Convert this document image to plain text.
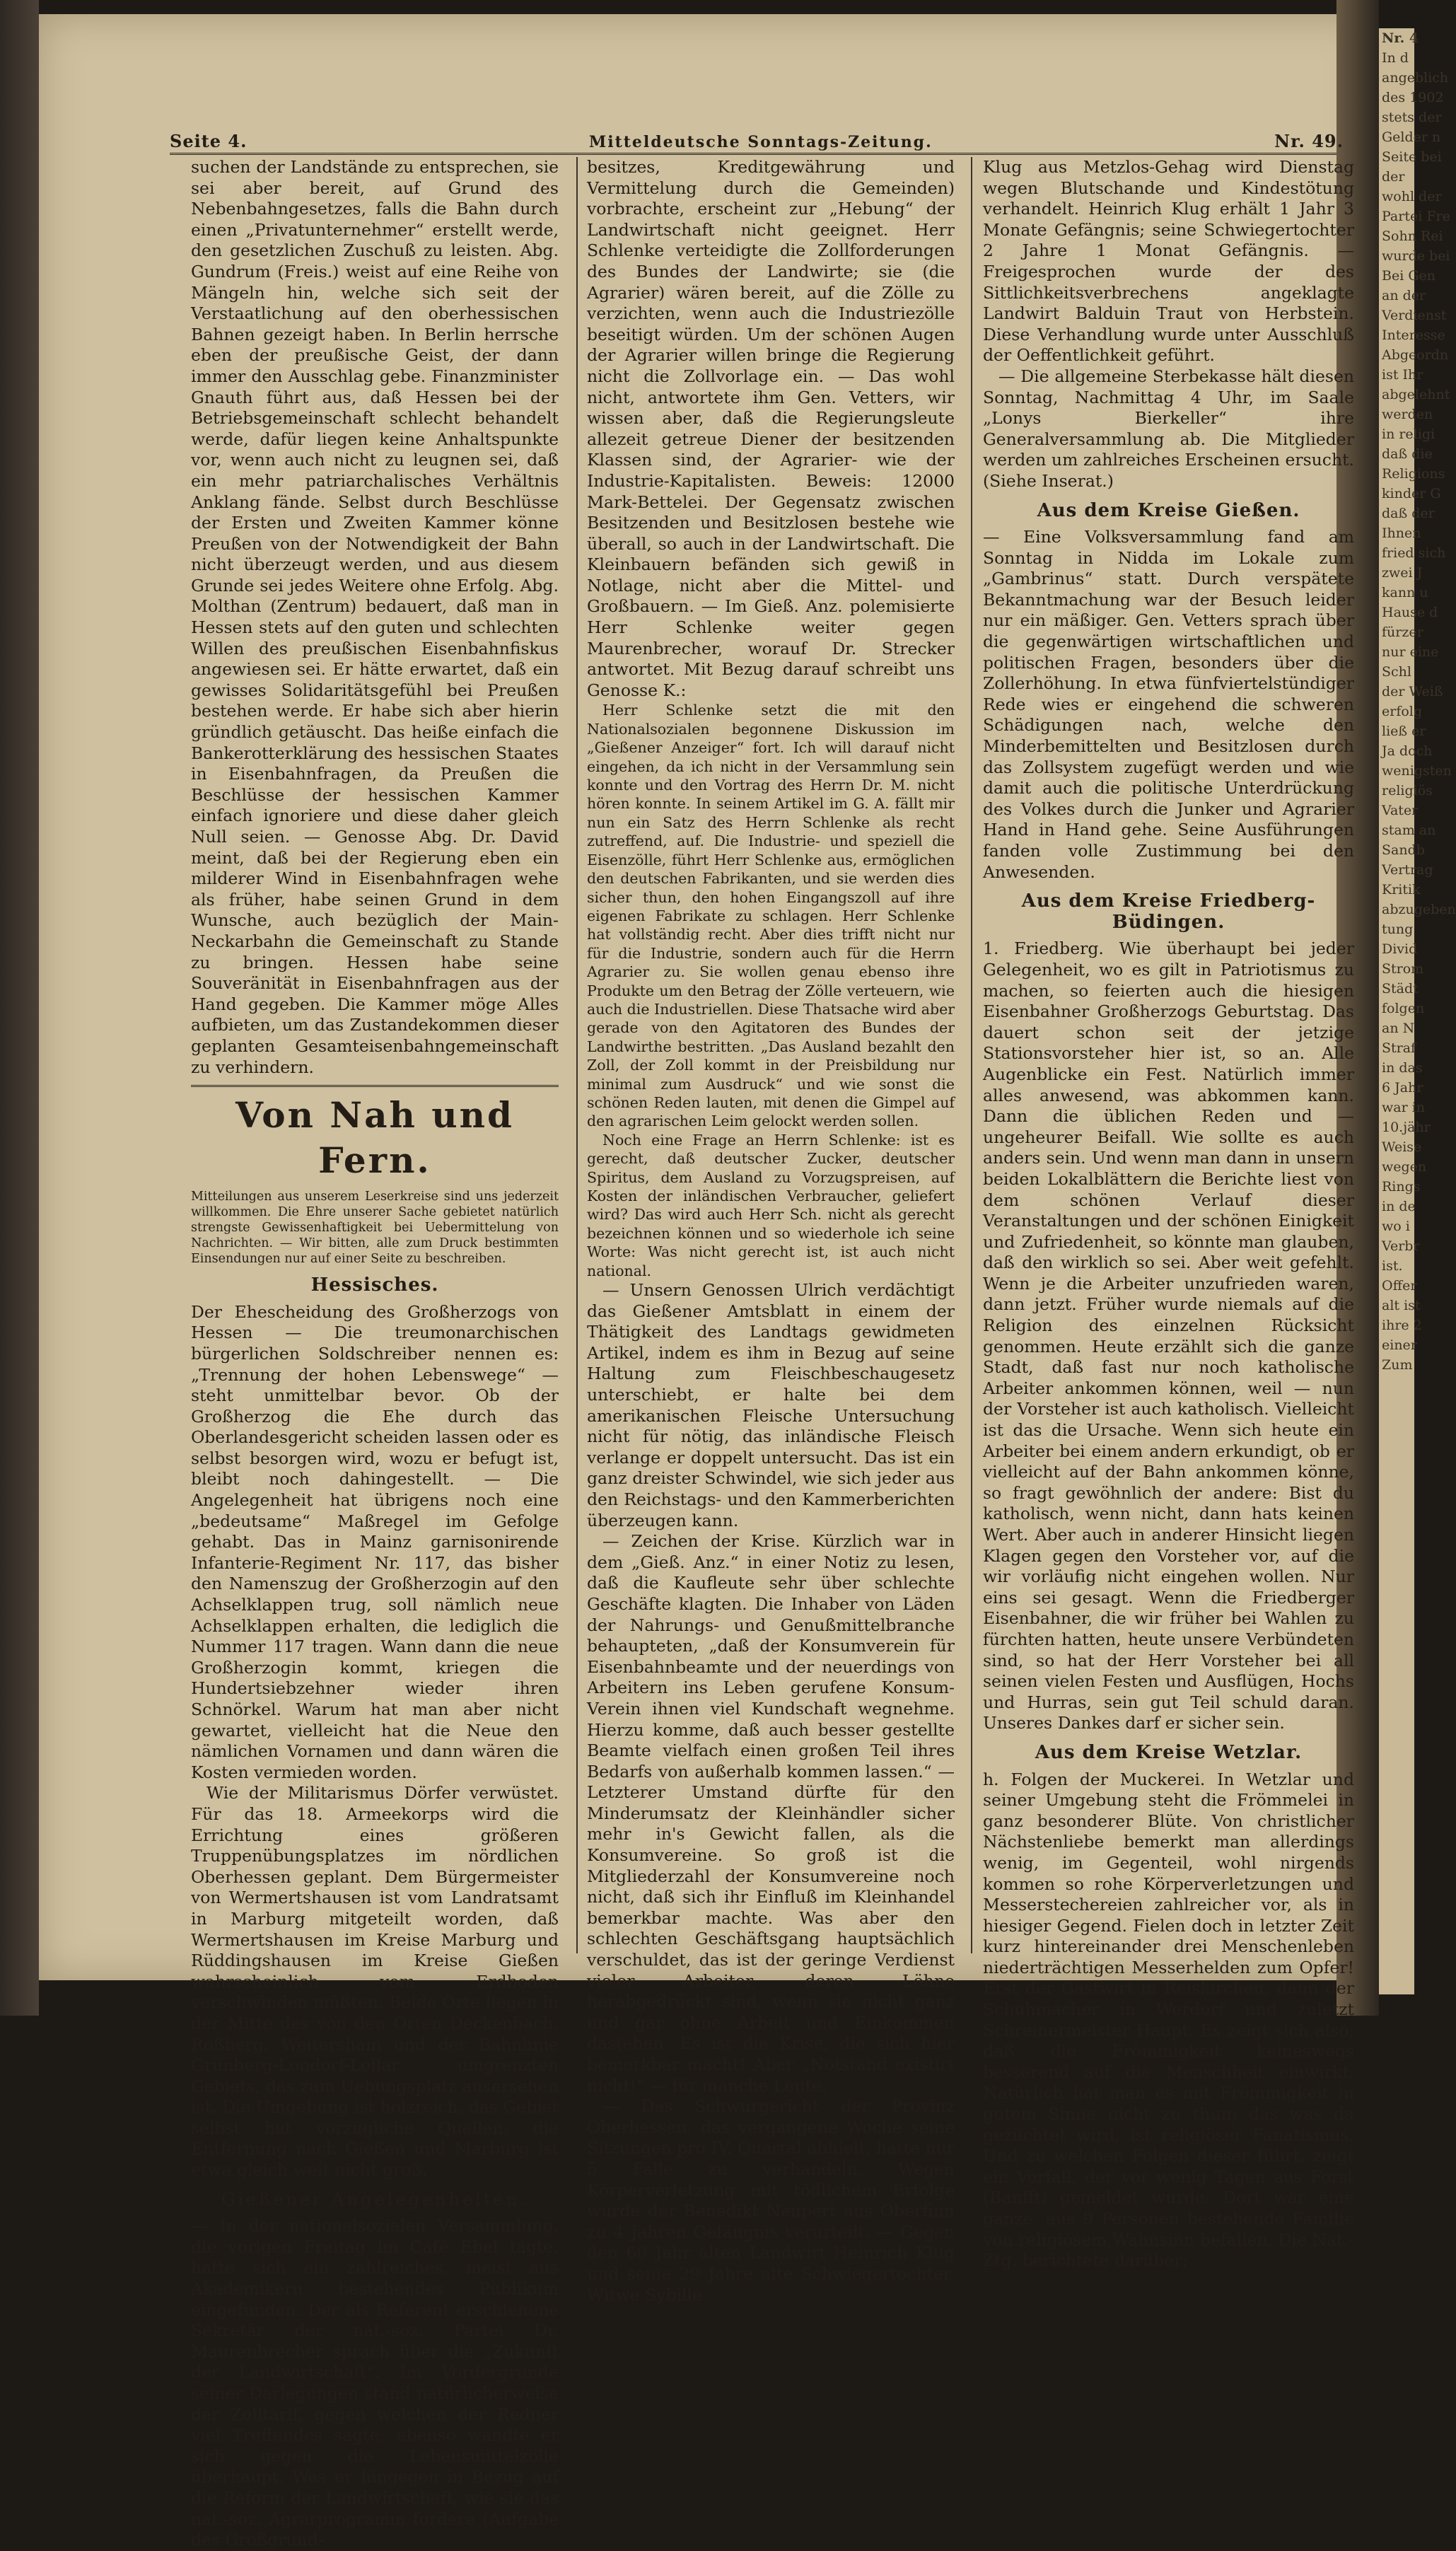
Nr. 4
In d
angeblich
des 1902
stets der
Gelder n
Seite bei
der
wohl der
Partei Fre
Sohn Rei
wurde bei
Bei Gen
an der
Verdienst
Interesse
Abgeordn
ist Ihr
abgelehnt
werden
in religi
daß die
Religions
kinder G
daß der
Ihnen
fried sich
zwei J
kann u
Hause d
fürzer
nur eine
Schl
der Weiß
erfolg
ließ er
Ja doch
wenigsten
religiös
Vater
stam an
Sandb
Vertrag
Kritik
abzugeben
tung
Divid
Strom
Städt
folgen
an N
Straf
in das
6 Jahr
war in
10.jähr
Weise
wegen
Rings
in de
wo i
Verbr
ist.
Offer
alt ist
ihre 2
einer
Zum
Seite 4.	Mitteldeutsche Sonntags-Zeitung.	Nr. 49.

suchen der Landstände zu entsprechen, sie sei aber bereit, auf Grund des Nebenbahngesetzes, falls die Bahn durch einen „Privatunternehmer“ erstellt werde, den gesetzlichen Zuschuß zu leisten. Abg. Gundrum (Freis.) weist auf eine Reihe von Mängeln hin, welche sich seit der Verstaatlichung auf den oberhessischen Bahnen gezeigt haben. In Berlin herrsche eben der preußische Geist, der dann immer den Ausschlag gebe. Finanzminister Gnauth führt aus, daß Hessen bei der Betriebsgemeinschaft schlecht behandelt werde, dafür liegen keine Anhaltspunkte vor, wenn auch nicht zu leugnen sei, daß ein mehr patriarchalisches Verhältnis Anklang fände. Selbst durch Beschlüsse der Ersten und Zweiten Kammer könne Preußen von der Notwendigkeit der Bahn nicht überzeugt werden, und aus diesem Grunde sei jedes Weitere ohne Erfolg. Abg. Molthan (Zentrum) bedauert, daß man in Hessen stets auf den guten und schlechten Willen des preußischen Eisenbahnfiskus angewiesen sei. Er hätte erwartet, daß ein gewisses Solidaritätsgefühl bei Preußen bestehen werde. Er habe sich aber hierin gründlich getäuscht. Das heiße einfach die Bankerotterklärung des hessischen Staates in Eisenbahnfragen, da Preußen die Beschlüsse der hessischen Kammer einfach ignoriere und diese daher gleich Null seien. — Genosse Abg. Dr. David meint, daß bei der Regierung eben ein milderer Wind in Eisenbahnfragen wehe als früher, habe seinen Grund in dem Wunsche, auch bezüglich der Main-Neckarbahn die Gemeinschaft zu Stande zu bringen. Hessen habe seine Souveränität in Eisenbahnfragen aus der Hand gegeben. Die Kammer möge Alles aufbieten, um das Zustandekommen dieser geplanten Gesamteisenbahngemeinschaft zu verhindern.

Von Nah und Fern.
Mitteilungen aus unserem Leserkreise sind uns jederzeit willkommen. Die Ehre unserer Sache gebietet natürlich strengste Gewissenhaftigkeit bei Uebermittelung von Nachrichten. — Wir bitten, alle zum Druck bestimmten Einsendungen nur auf einer Seite zu beschreiben.
Hessisches.

Der Ehescheidung des Großherzogs von Hessen — Die treumonarchischen bürgerlichen Soldschreiber nennen es: „Trennung der hohen Lebenswege“ — steht unmittelbar bevor. Ob der Großherzog die Ehe durch das Oberlandesgericht scheiden lassen oder es selbst besorgen wird, wozu er befugt ist, bleibt noch dahingestellt. — Die Angelegenheit hat übrigens noch eine „bedeutsame“ Maßregel im Gefolge gehabt. Das in Mainz garnisonirende Infanterie-Regiment Nr. 117, das bisher den Namenszug der Großherzogin auf den Achselklappen trug, soll nämlich neue Achselklappen erhalten, die lediglich die Nummer 117 tragen. Wann dann die neue Großherzogin kommt, kriegen die Hundertsiebzehner wieder ihren Schnörkel. Warum hat man aber nicht gewartet, vielleicht hat die Neue den nämlichen Vornamen und dann wären die Kosten vermieden worden.

Wie der Militarismus Dörfer verwüstet. Für das 18. Armeekorps wird die Errichtung eines größeren Truppenübungsplatzes im nördlichen Oberhessen geplant. Dem Bürgermeister von Wermertshausen ist vom Landratsamt in Marburg mitgeteilt worden, daß Wermertshausen im Kreise Marburg und Rüddingshausen im Kreise Gießen wahrscheinlich vom Erdboden verschwinden müßten. Beide Orte liegen in der Mitte des von den Orten Deckenbach, Roßberg, Weitershain und der Bahnlinie Grünberg-Londorf-Lollar umgrenzten Gebiets, das zum Uebungsplatz ausersehen ist. Die Umgebung ist holzreich, das Gebiet selbst hat vorzügliche Quellen; die Entfernung nach Gießen und Marburg ist etwa gleich weit nicht groß.

Gießener Angelegenheiten.

— In der nationalsozialen Versammlung, die vorigen Freitag im Café Ebel tagte, hatte sich ein zahlreiches, meist aus Akademikern bestehendes Publikum eingefunden. Der als Referent erschienene Sekretär der nat.-soz. Partei Dr. Maurenbrecher sprach über die „Zukunft der Landwirtschaft“. Im Vordergrunde seiner Darlegungen stand natürlicherweise der Zolltarif, gegen welchen der Redner viel Treffendes sagte; ebenso wandte er sich gegen die Lebensmittelzölle überhaupt. Was er hingegen in Bezug auf die Reform der Landwirtschaft, wie sie das nat.-soz. Agrarprogramm fordere (Aufgabe des Großgrund-

besitzes, Kreditgewährung und Vermittelung durch die Gemeinden) vorbrachte, erscheint zur „Hebung“ der Landwirtschaft nicht geeignet. Herr Schlenke verteidigte die Zollforderungen des Bundes der Landwirte; sie (die Agrarier) wären bereit, auf die Zölle zu verzichten, wenn auch die Industriezölle beseitigt würden. Um der schönen Augen der Agrarier willen bringe die Regierung nicht die Zollvorlage ein. — Das wohl nicht, antwortete ihm Gen. Vetters, wir wissen aber, daß die Regierungsleute allezeit getreue Diener der besitzenden Klassen sind, der Agrarier- wie der Industrie-Kapitalisten. Beweis: 12000 Mark-Bettelei. Der Gegensatz zwischen Besitzenden und Besitzlosen bestehe wie überall, so auch in der Landwirtschaft. Die Kleinbauern befänden sich gewiß in Notlage, nicht aber die Mittel- und Großbauern. — Im Gieß. Anz. polemisierte Herr Schlenke weiter gegen Maurenbrecher, worauf Dr. Strecker antwortet. Mit Bezug darauf schreibt uns Genosse K.:

Herr Schlenke setzt die mit den Nationalsozialen begonnene Diskussion im „Gießener Anzeiger“ fort. Ich will darauf nicht eingehen, da ich nicht in der Versammlung sein konnte und den Vortrag des Herrn Dr. M. nicht hören konnte. In seinem Artikel im G. A. fällt mir nun ein Satz des Herrn Schlenke als recht zutreffend, auf. Die Industrie- und speziell die Eisenzölle, führt Herr Schlenke aus, ermöglichen den deutschen Fabrikanten, und sie werden dies sicher thun, den hohen Eingangszoll auf ihre eigenen Fabrikate zu schlagen. Herr Schlenke hat vollständig recht. Aber dies trifft nicht nur für die Industrie, sondern auch für die Herrn Agrarier zu. Sie wollen genau ebenso ihre Produkte um den Betrag der Zölle verteuern, wie auch die Industriellen. Diese Thatsache wird aber gerade von den Agitatoren des Bundes der Landwirthe bestritten. „Das Ausland bezahlt den Zoll, der Zoll kommt in der Preisbildung nur minimal zum Ausdruck“ und wie sonst die schönen Reden lauten, mit denen die Gimpel auf den agrarischen Leim gelockt werden sollen.

Noch eine Frage an Herrn Schlenke: ist es gerecht, daß deutscher Zucker, deutscher Spiritus, dem Ausland zu Vorzugspreisen, auf Kosten der inländischen Verbraucher, geliefert wird? Das wird auch Herr Sch. nicht als gerecht bezeichnen können und so wiederhole ich seine Worte: Was nicht gerecht ist, ist auch nicht national.

— Unsern Genossen Ulrich verdächtigt das Gießener Amtsblatt in einem der Thätigkeit des Landtags gewidmeten Artikel, indem es ihm in Bezug auf seine Haltung zum Fleischbeschaugesetz unterschiebt, er halte bei dem amerikanischen Fleische Untersuchung nicht für nötig, das inländische Fleisch verlange er doppelt untersucht. Das ist ein ganz dreister Schwindel, wie sich jeder aus den Reichstags- und den Kammerberichten überzeugen kann.

— Zeichen der Krise. Kürzlich war in dem „Gieß. Anz.“ in einer Notiz zu lesen, daß die Kaufleute sehr über schlechte Geschäfte klagten. Die Inhaber von Läden der Nahrungs- und Genußmittelbranche behaupteten, „daß der Konsumverein für Eisenbahnbeamte und der neuerdings von Arbeitern ins Leben gerufene Konsum-Verein ihnen viel Kundschaft wegnehme. Hierzu komme, daß auch besser gestellte Beamte vielfach einen großen Teil ihres Bedarfs von außerhalb kommen lassen.“ — Letzterer Umstand dürfte für den Minderumsatz der Kleinhändler sicher mehr in's Gewicht fallen, als die Konsumvereine. So groß ist die Mitgliederzahl der Konsumvereine noch nicht, daß sich ihr Einfluß im Kleinhandel bemerkbar machte. Was aber den schlechten Geschäftsgang hauptsächlich verschuldet, das ist der geringe Verdienst vieler Arbeiter, deren Löhne herabgedrückt sind, wenn sie nicht ganz und gar ohne Arbeit und Einkommen dastehen. Es ist die Krise, die sich hier bemerkbar macht! Aber „Notstand existirt nicht!“ — für manche Leute.

— Das Schwurgericht der Provinz Oberhessen, das vergangene Woche seine Sitzungen pro IV. Quartal abhielt, hatte nur 5 Fälle zu verhandeln. Wegen Körperverletzung mit tödlichem Erfolge wurde der Benedikt Neupert aus Oberfinn zu 4 Jahren Gefängnis verurteilt. — Gegen den 60 Jahr alten Landwirt Heinrich Klug und seine 29 Jahre alte Schwiegertochter, Witwe Sybille

Klug aus Metzlos-Gehag wird Dienstag wegen Blutschande und Kindestötung verhandelt. Heinrich Klug erhält 1 Jahr 3 Monate Gefängnis; seine Schwiegertochter 2 Jahre 1 Monat Gefängnis. — Freigesprochen wurde der des Sittlichkeitsverbrechens angeklagte Landwirt Balduin Traut von Herbstein. Diese Verhandlung wurde unter Ausschluß der Oeffentlichkeit geführt.

— Die allgemeine Sterbekasse hält diesen Sonntag, Nachmittag 4 Uhr, im Saale „Lonys Bierkeller“ ihre Generalversammlung ab. Die Mitglieder werden um zahlreiches Erscheinen ersucht. (Siehe Inserat.)

Aus dem Kreise Gießen.

— Eine Volksversammlung fand am Sonntag in Nidda im Lokale zum „Gambrinus“ statt. Durch verspätete Bekanntmachung war der Besuch leider nur ein mäßiger. Gen. Vetters sprach über die gegenwärtigen wirtschaftlichen und politischen Fragen, besonders über die Zollerhöhung. In etwa fünfviertelstündiger Rede wies er eingehend die schweren Schädigungen nach, welche den Minderbemittelten und Besitzlosen durch das Zollsystem zugefügt werden und wie damit auch die politische Unterdrückung des Volkes durch die Junker und Agrarier Hand in Hand gehe. Seine Ausführungen fanden volle Zustimmung bei den Anwesenden.

Aus dem Kreise Friedberg-Büdingen.

1. Friedberg. Wie überhaupt bei jeder Gelegenheit, wo es gilt in Patriotismus zu machen, so feierten auch die hiesigen Eisenbahner Großherzogs Geburtstag. Das dauert schon seit der jetzige Stationsvorsteher hier ist, so an. Alle Augenblicke ein Fest. Natürlich immer alles anwesend, was abkommen kann. Dann die üblichen Reden und — ungeheurer Beifall. Wie sollte es auch anders sein. Und wenn man dann in unsern beiden Lokalblättern die Berichte liest von dem schönen Verlauf dieser Veranstaltungen und der schönen Einigkeit und Zufriedenheit, so könnte man glauben, daß den wirklich so sei. Aber weit gefehlt. Wenn je die Arbeiter unzufrieden waren, dann jetzt. Früher wurde niemals auf die Religion des einzelnen Rücksicht genommen. Heute erzählt sich die ganze Stadt, daß fast nur noch katholische Arbeiter ankommen können, weil — nun der Vorsteher ist auch katholisch. Vielleicht ist das die Ursache. Wenn sich heute ein Arbeiter bei einem andern erkundigt, ob er vielleicht auf der Bahn ankommen könne, so fragt gewöhnlich der andere: Bist du katholisch, wenn nicht, dann hats keinen Wert. Aber auch in anderer Hinsicht liegen Klagen gegen den Vorsteher vor, auf die wir vorläufig nicht eingehen wollen. Nur eins sei gesagt. Wenn die Friedberger Eisenbahner, die wir früher bei Wahlen zu fürchten hatten, heute unsere Verbündeten sind, so hat der Herr Vorsteher bei all seinen vielen Festen und Ausflügen, Hochs und Hurras, sein gut Teil schuld daran. Unseres Dankes darf er sicher sein.

Aus dem Kreise Wetzlar.

h. Folgen der Muckerei. In Wetzlar und seiner Umgebung steht die Frömmelei in ganz besonderer Blüte. Von christlicher Nächstenliebe bemerkt man allerdings wenig, im Gegenteil, wohl nirgends kommen so rohe Körperverletzungen und Messerstechereien zahlreicher vor, als in hiesiger Gegend. Fielen doch in letzter Zeit kurz hintereinander drei Menschenleben niederträchtigen Messerhelden zum Opfer! Erst der Gastwirt in Reiskirchen, dann der Schuhmacher in Werdorf und zuletzt Schreinermeister Haupt. Es zeigt sich also, daß die Frömmigkeit keineswegs besserend auf die Menschheit einwirkt. Natürlich hat man es mit Frömmigkeit in gutem Sinne nicht zu thun; das was da gezüchtet wird, ist religiöser Fanatismus. Und zu welchen Folgen dieser führt, zeigt ein Vorfall, der vor wenig Tagen aus Forst (Banfft) gemeldet wurde. Dort war eine ganze, aus 9 Personen bestehende Familie von religiösem Wahnsinn befallen. Die Nat.-Ztg. berichtete darüber:
